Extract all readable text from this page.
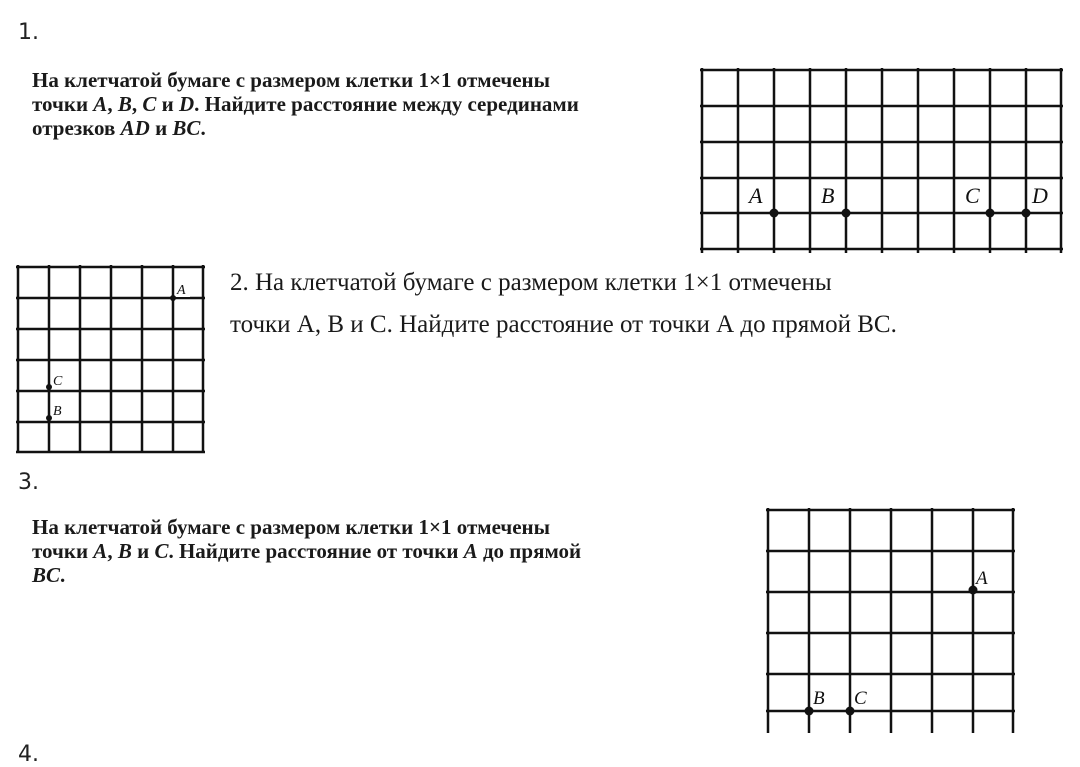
1.
На клетчатой бумаге с размером клетки 1×1 отмечены
точки A, B, C и D. Найдите расстояние между серединами
отрезков AD и BC.
A	B	C D
A
C
B
2. На клетчатой бумаге с размером клетки 1×1 отмечены
точки А, В и С. Найдите расстояние от точки А до прямой ВС.
3.
На клетчатой бумаге с размером клетки 1×1 отмечены
точки A, B и C. Найдите расстояние от точки A до прямой
BC.	A
B C
4.
